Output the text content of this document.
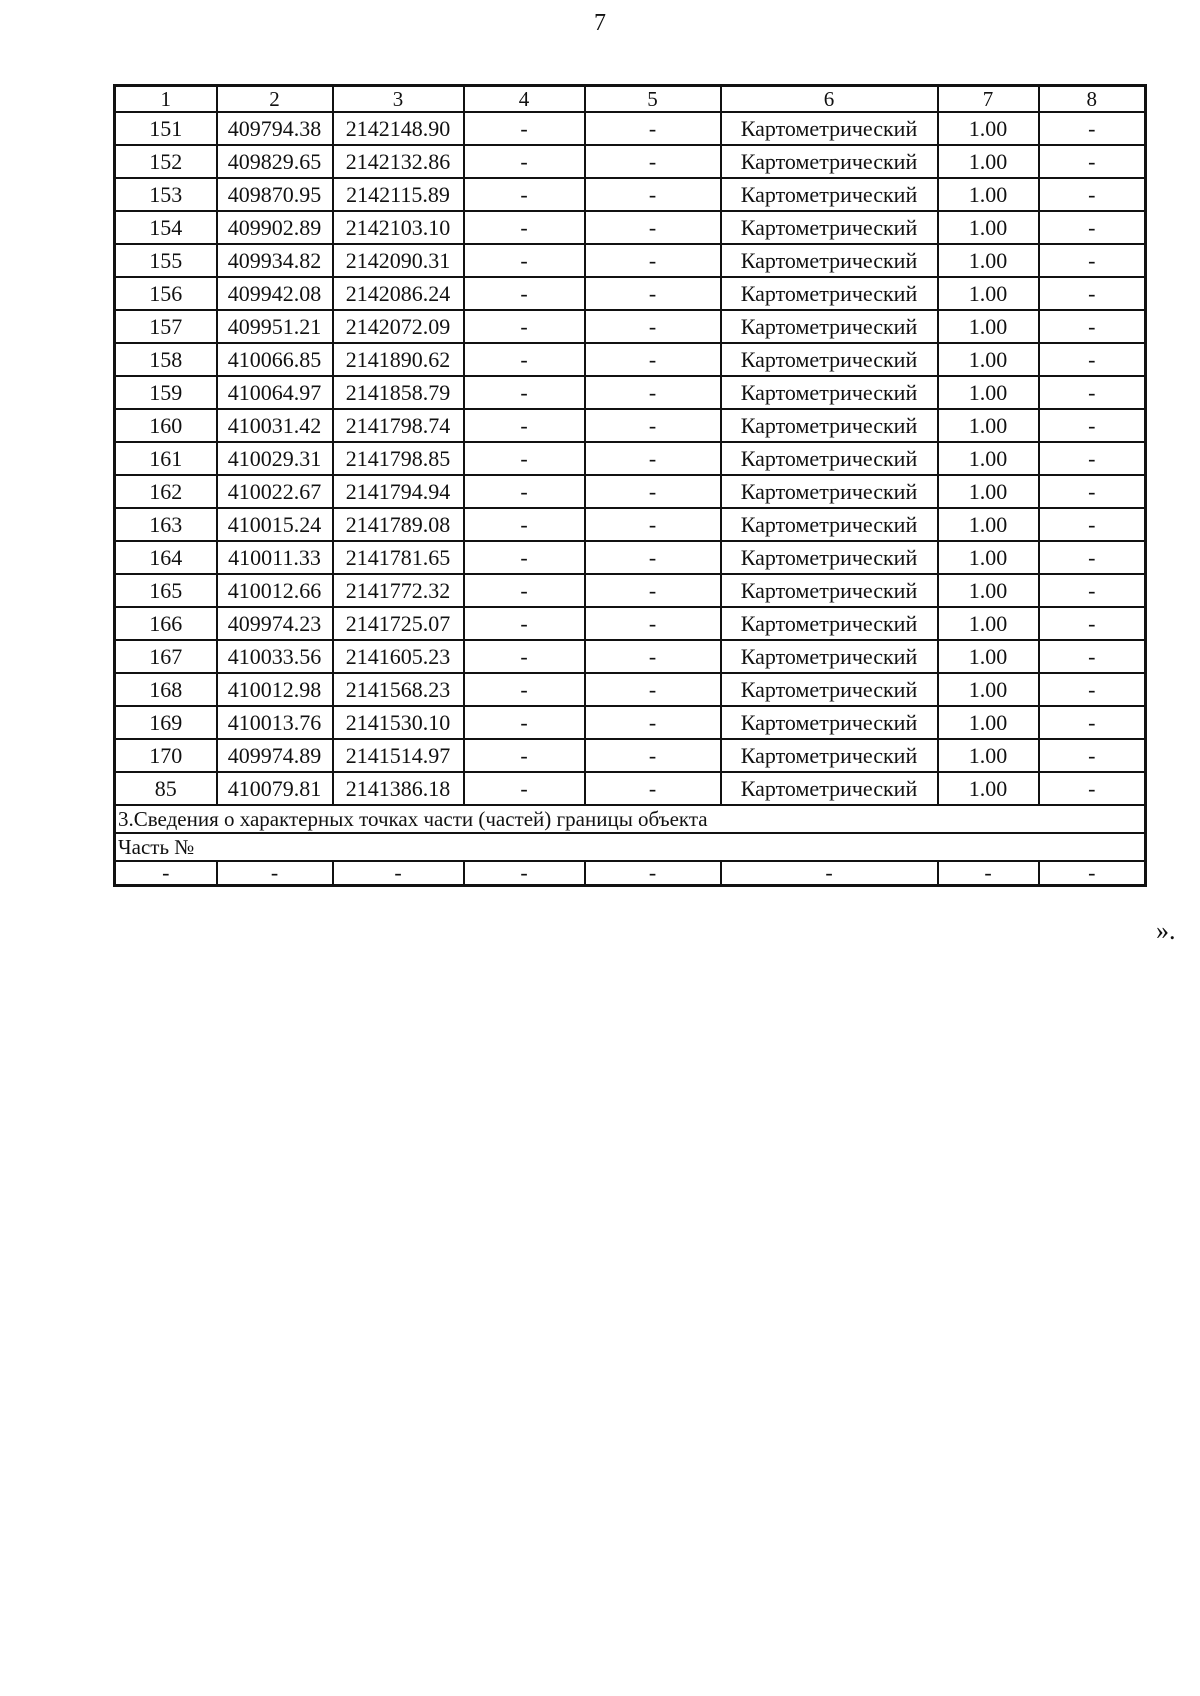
7
1	2	3	4	5	6	7	8
151	409794.38	2142148.90	-	-	Картометрический	1.00	-
152	409829.65	2142132.86	-	-	Картометрический	1.00	-
153	409870.95	2142115.89	-	-	Картометрический	1.00	-
154	409902.89	2142103.10	-	-	Картометрический	1.00	-
155	409934.82	2142090.31	-	-	Картометрический	1.00	-
156	409942.08	2142086.24	-	-	Картометрический	1.00	-
157	409951.21	2142072.09	-	-	Картометрический	1.00	-
158	410066.85	2141890.62	-	-	Картометрический	1.00	-
159	410064.97	2141858.79	-	-	Картометрический	1.00	-
160	410031.42	2141798.74	-	-	Картометрический	1.00	-
161	410029.31	2141798.85	-	-	Картометрический	1.00	-
162	410022.67	2141794.94	-	-	Картометрический	1.00	-
163	410015.24	2141789.08	-	-	Картометрический	1.00	-
164	410011.33	2141781.65	-	-	Картометрический	1.00	-
165	410012.66	2141772.32	-	-	Картометрический	1.00	-
166	409974.23	2141725.07	-	-	Картометрический	1.00	-
167	410033.56	2141605.23	-	-	Картометрический	1.00	-
168	410012.98	2141568.23	-	-	Картометрический	1.00	-
169	410013.76	2141530.10	-	-	Картометрический	1.00	-
170	409974.89	2141514.97	-	-	Картометрический	1.00	-
85	410079.81	2141386.18	-	-	Картометрический	1.00	-
3.Сведения о характерных точках части (частей) границы объекта							
Часть №							
-	-	-	-	-	-	-	-
».
